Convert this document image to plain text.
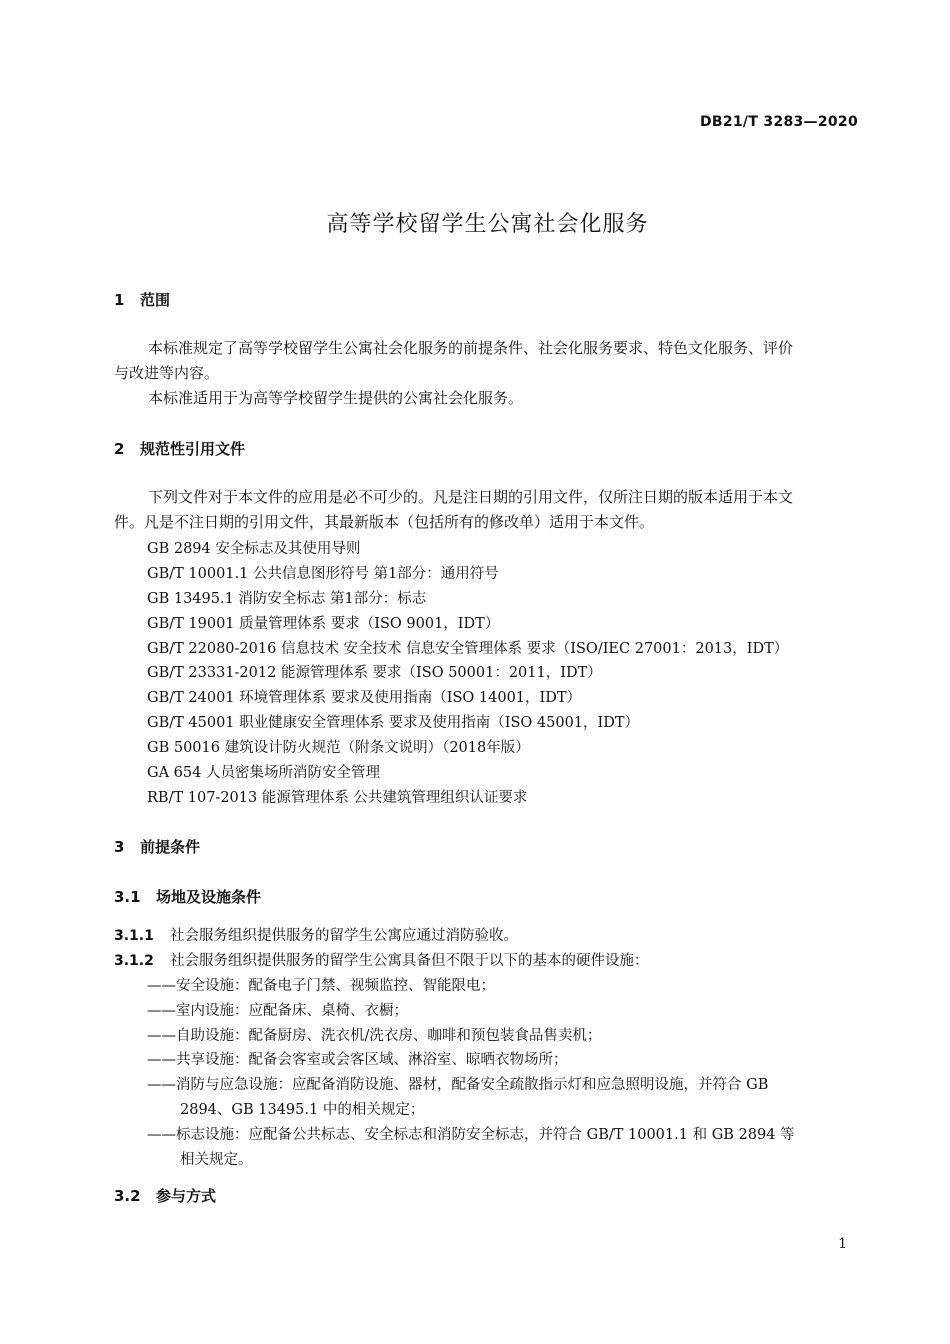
DB21/T 3283—2020
高等学校留学生公寓社会化服务
1 范围
本标准规定了高等学校留学生公寓社会化服务的前提条件、社会化服务要求、特色文化服务、评价
与改进等内容。
本标准适用于为高等学校留学生提供的公寓社会化服务。
2 规范性引用文件
下列文件对于本文件的应用是必不可少的。凡是注日期的引用文件，仅所注日期的版本适用于本文
件。凡是不注日期的引用文件，其最新版本（包括所有的修改单）适用于本文件。
GB 2894 安全标志及其使用导则
GB/T 10001.1 公共信息图形符号 第1部分：通用符号
GB 13495.1 消防安全标志 第1部分：标志
GB/T 19001 质量管理体系 要求（ISO 9001，IDT）
GB/T 22080-2016 信息技术 安全技术 信息安全管理体系 要求（ISO/IEC 27001：2013，IDT）
GB/T 23331-2012 能源管理体系 要求（ISO 50001：2011，IDT）
GB/T 24001 环境管理体系 要求及使用指南（ISO 14001，IDT）
GB/T 45001 职业健康安全管理体系 要求及使用指南（ISO 45001，IDT）
GB 50016 建筑设计防火规范（附条文说明）（2018年版）
GA 654 人员密集场所消防安全管理
RB/T 107-2013 能源管理体系 公共建筑管理组织认证要求
3 前提条件
3.1 场地及设施条件
3.1.1 社会服务组织提供服务的留学生公寓应通过消防验收。
3.1.2 社会服务组织提供服务的留学生公寓具备但不限于以下的基本的硬件设施：
——安全设施：配备电子门禁、视频监控、智能限电；
——室内设施：应配备床、桌椅、衣橱；
——自助设施：配备厨房、洗衣机/洗衣房、咖啡和预包装食品售卖机；
——共享设施：配备会客室或会客区域、淋浴室、晾晒衣物场所；
——消防与应急设施：应配备消防设施、器材，配备安全疏散指示灯和应急照明设施，并符合 GB
2894、GB 13495.1 中的相关规定；
——标志设施：应配备公共标志、安全标志和消防安全标志，并符合 GB/T 10001.1 和 GB 2894 等
相关规定。
3.2 参与方式
1
